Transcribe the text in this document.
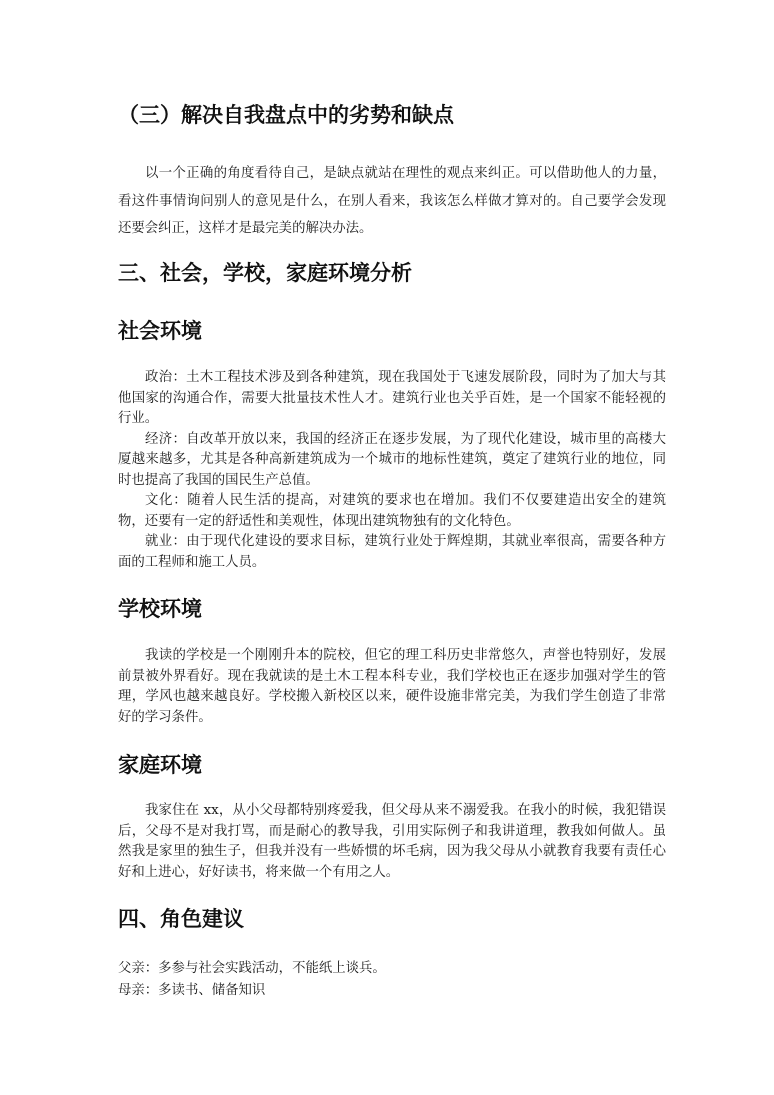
（三）解决自我盘点中的劣势和缺点

以一个正确的角度看待自己，是缺点就站在理性的观点来纠正。可以借助他人的力量，看这件事情询问别人的意见是什么，在别人看来，我该怎么样做才算对的。自己要学会发现还要会纠正，这样才是最完美的解决办法。

三、社会，学校，家庭环境分析
社会环境

政治：土木工程技术涉及到各种建筑，现在我国处于飞速发展阶段，同时为了加大与其他国家的沟通合作，需要大批量技术性人才。建筑行业也关乎百姓，是一个国家不能轻视的行业。

经济：自改革开放以来，我国的经济正在逐步发展，为了现代化建设，城市里的高楼大厦越来越多，尤其是各种高新建筑成为一个城市的地标性建筑，奠定了建筑行业的地位，同时也提高了我国的国民生产总值。

文化：随着人民生活的提高，对建筑的要求也在增加。我们不仅要建造出安全的建筑物，还要有一定的舒适性和美观性，体现出建筑物独有的文化特色。

就业：由于现代化建设的要求目标，建筑行业处于辉煌期，其就业率很高，需要各种方面的工程师和施工人员。

学校环境

我读的学校是一个刚刚升本的院校，但它的理工科历史非常悠久，声誉也特别好，发展前景被外界看好。现在我就读的是土木工程本科专业，我们学校也正在逐步加强对学生的管理，学风也越来越良好。学校搬入新校区以来，硬件设施非常完美，为我们学生创造了非常好的学习条件。

家庭环境

我家住在 xx，从小父母都特别疼爱我，但父母从来不溺爱我。在我小的时候，我犯错误后，父母不是对我打骂，而是耐心的教导我，引用实际例子和我讲道理，教我如何做人。虽然我是家里的独生子，但我并没有一些娇惯的坏毛病，因为我父母从小就教育我要有责任心好和上进心，好好读书，将来做一个有用之人。

四、角色建议

父亲：多参与社会实践活动，不能纸上谈兵。

母亲：多读书、储备知识
